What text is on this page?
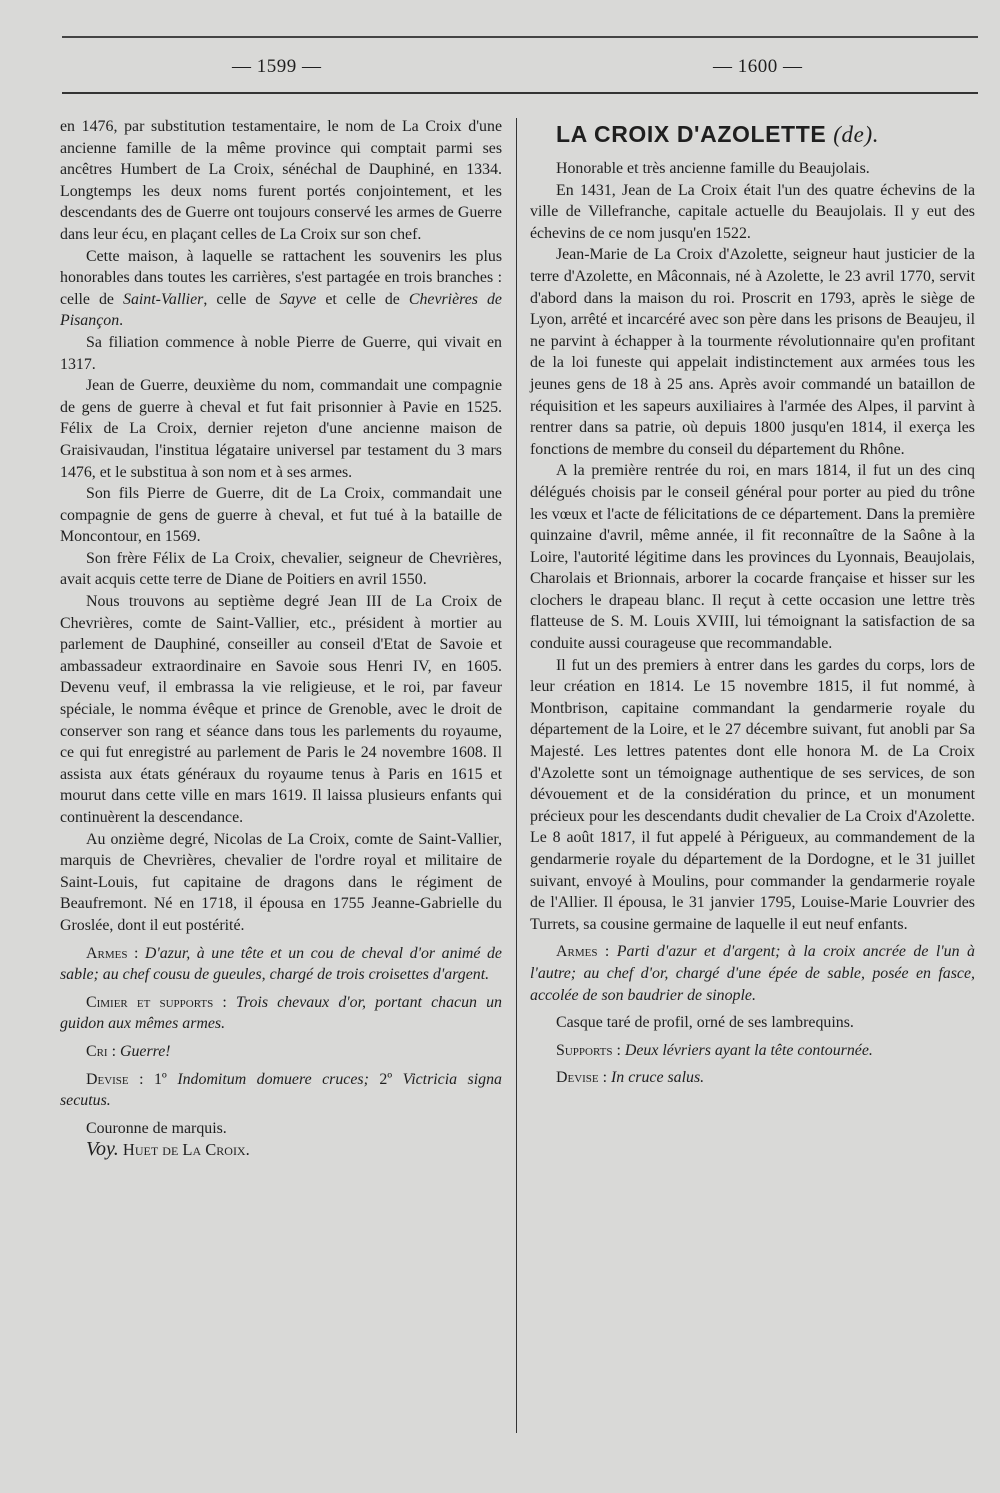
— 1599 —	— 1600 —

en 1476, par substitution testamentaire, le nom de La Croix d'une ancienne famille de la même province qui comptait parmi ses ancêtres Humbert de La Croix, sénéchal de Dauphiné, en 1334. Longtemps les deux noms furent portés conjointement, et les descendants des de Guerre ont toujours conservé les armes de Guerre dans leur écu, en plaçant celles de La Croix sur son chef.

Cette maison, à laquelle se rattachent les souvenirs les plus honorables dans toutes les carrières, s'est partagée en trois branches : celle de Saint-Vallier, celle de Sayve et celle de Chevrières de Pisançon.

Sa filiation commence à noble Pierre de Guerre, qui vivait en 1317.

Jean de Guerre, deuxième du nom, commandait une compagnie de gens de guerre à cheval et fut fait prisonnier à Pavie en 1525. Félix de La Croix, dernier rejeton d'une ancienne maison de Graisivaudan, l'institua légataire universel par testament du 3 mars 1476, et le substitua à son nom et à ses armes.

Son fils Pierre de Guerre, dit de La Croix, commandait une compagnie de gens de guerre à cheval, et fut tué à la bataille de Moncontour, en 1569.

Son frère Félix de La Croix, chevalier, seigneur de Chevrières, avait acquis cette terre de Diane de Poitiers en avril 1550.

Nous trouvons au septième degré Jean III de La Croix de Chevrières, comte de Saint-Vallier, etc., président à mortier au parlement de Dauphiné, conseiller au conseil d'Etat de Savoie et ambassadeur extraordinaire en Savoie sous Henri IV, en 1605. Devenu veuf, il embrassa la vie religieuse, et le roi, par faveur spéciale, le nomma évêque et prince de Grenoble, avec le droit de conserver son rang et séance dans tous les parlements du royaume, ce qui fut enregistré au parlement de Paris le 24 novembre 1608. Il assista aux états généraux du royaume tenus à Paris en 1615 et mourut dans cette ville en mars 1619. Il laissa plusieurs enfants qui continuèrent la descendance.

Au onzième degré, Nicolas de La Croix, comte de Saint-Vallier, marquis de Chevrières, chevalier de l'ordre royal et militaire de Saint-Louis, fut capitaine de dragons dans le régiment de Beaufremont. Né en 1718, il épousa en 1755 Jeanne-Gabrielle du Groslée, dont il eut postérité.

Armes : D'azur, à une tête et un cou de cheval d'or animé de sable; au chef cousu de gueules, chargé de trois croisettes d'argent.

Cimier et supports : Trois chevaux d'or, portant chacun un guidon aux mêmes armes.

Cri : Guerre!

Devise : 1º Indomitum domuere cruces; 2º Victricia signa secutus.

Couronne de marquis.

Voy. Huet de La Croix.

LA CROIX D'AZOLETTE (de).

Honorable et très ancienne famille du Beaujolais.

En 1431, Jean de La Croix était l'un des quatre échevins de la ville de Villefranche, capitale actuelle du Beaujolais. Il y eut des échevins de ce nom jusqu'en 1522.

Jean-Marie de La Croix d'Azolette, seigneur haut justicier de la terre d'Azolette, en Mâconnais, né à Azolette, le 23 avril 1770, servit d'abord dans la maison du roi. Proscrit en 1793, après le siège de Lyon, arrêté et incarcéré avec son père dans les prisons de Beaujeu, il ne parvint à échapper à la tourmente révolutionnaire qu'en profitant de la loi funeste qui appelait indistinctement aux armées tous les jeunes gens de 18 à 25 ans. Après avoir commandé un bataillon de réquisition et les sapeurs auxiliaires à l'armée des Alpes, il parvint à rentrer dans sa patrie, où depuis 1800 jusqu'en 1814, il exerça les fonctions de membre du conseil du département du Rhône.

A la première rentrée du roi, en mars 1814, il fut un des cinq délégués choisis par le conseil général pour porter au pied du trône les vœux et l'acte de félicitations de ce département. Dans la première quinzaine d'avril, même année, il fit reconnaître de la Saône à la Loire, l'autorité légitime dans les provinces du Lyonnais, Beaujolais, Charolais et Brionnais, arborer la cocarde française et hisser sur les clochers le drapeau blanc. Il reçut à cette occasion une lettre très flatteuse de S. M. Louis XVIII, lui témoignant la satisfaction de sa conduite aussi courageuse que recommandable.

Il fut un des premiers à entrer dans les gardes du corps, lors de leur création en 1814. Le 15 novembre 1815, il fut nommé, à Montbrison, capitaine commandant la gendarmerie royale du département de la Loire, et le 27 décembre suivant, fut anobli par Sa Majesté. Les lettres patentes dont elle honora M. de La Croix d'Azolette sont un témoignage authentique de ses services, de son dévouement et de la considération du prince, et un monument précieux pour les descendants dudit chevalier de La Croix d'Azolette. Le 8 août 1817, il fut appelé à Périgueux, au commandement de la gendarmerie royale du département de la Dordogne, et le 31 juillet suivant, envoyé à Moulins, pour commander la gendarmerie royale de l'Allier. Il épousa, le 31 janvier 1795, Louise-Marie Louvrier des Turrets, sa cousine germaine de laquelle il eut neuf enfants.

Armes : Parti d'azur et d'argent; à la croix ancrée de l'un à l'autre; au chef d'or, chargé d'une épée de sable, posée en fasce, accolée de son baudrier de sinople.

Casque taré de profil, orné de ses lambrequins.

Supports : Deux lévriers ayant la tête contournée.

Devise : In cruce salus.
